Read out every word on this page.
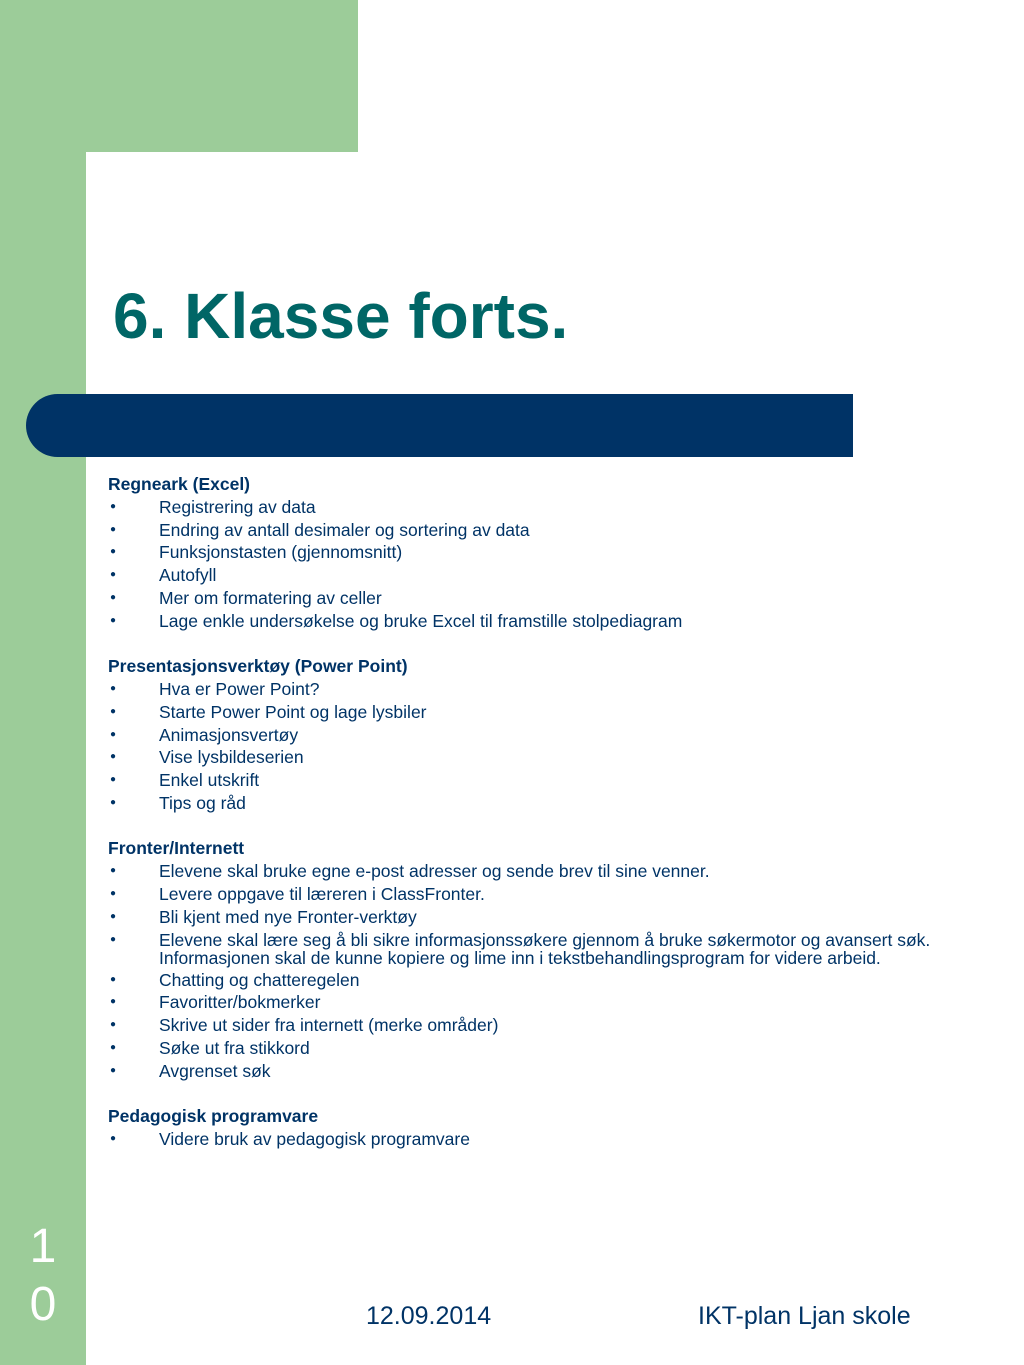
6. Klasse forts.
Regneark (Excel)
● Registrering av data
● Endring av antall desimaler og sortering av data
● Funksjonstasten (gjennomsnitt)
● Autofyll
● Mer om formatering av celler
● Lage enkle undersøkelse og bruke Excel til framstille stolpediagram
Presentasjonsverktøy (Power Point)
● Hva er Power Point?
● Starte Power Point og lage lysbiler
● Animasjonsvertøy
● Vise lysbildeserien
● Enkel utskrift
● Tips og råd
Fronter/Internett
● Elevene skal bruke egne e-post adresser og sende brev til sine venner.
● Levere oppgave til læreren i ClassFronter.
● Bli kjent med nye Fronter-verktøy
● Elevene skal lære seg å bli sikre informasjonssøkere gjennom å bruke søkermotor og avansert søk. Informasjonen skal de kunne kopiere og lime inn i tekstbehandlingsprogram for videre arbeid.
● Chatting og chatteregelen
● Favoritter/bokmerker
● Skrive ut sider fra internett (merke områder)
● Søke ut fra stikkord
● Avgrenset søk
Pedagogisk programvare
● Videre bruk av pedagogisk programvare
1
0	12.09.2014	IKT-plan Ljan skole
